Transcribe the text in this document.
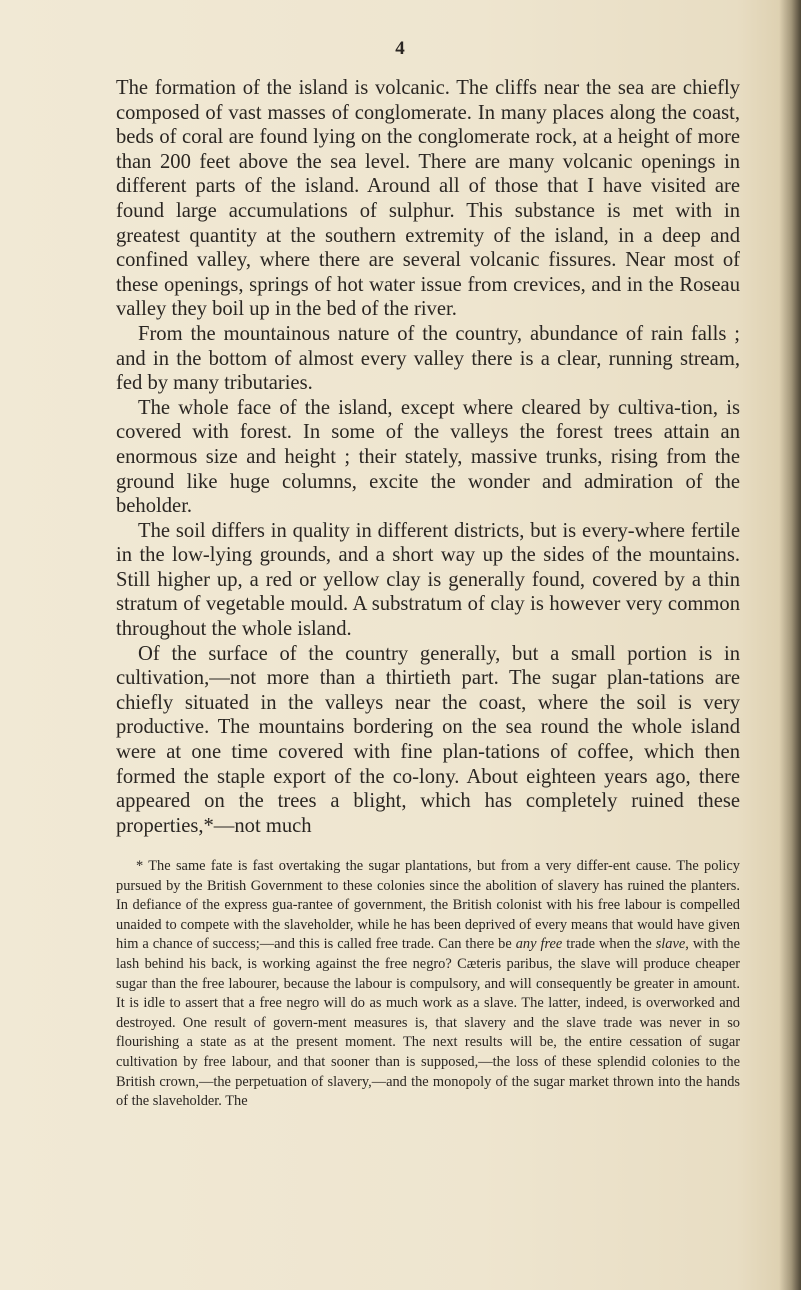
4

The formation of the island is volcanic. The cliffs near the sea are chiefly composed of vast masses of conglomerate. In many places along the coast, beds of coral are found lying on the conglomerate rock, at a height of more than 200 feet above the sea level. There are many volcanic openings in different parts of the island. Around all of those that I have visited are found large accumulations of sulphur. This substance is met with in greatest quantity at the southern extremity of the island, in a deep and confined valley, where there are several volcanic fissures. Near most of these openings, springs of hot water issue from crevices, and in the Roseau valley they boil up in the bed of the river.

From the mountainous nature of the country, abundance of rain falls ; and in the bottom of almost every valley there is a clear, running stream, fed by many tributaries.

The whole face of the island, except where cleared by cultiva-tion, is covered with forest. In some of the valleys the forest trees attain an enormous size and height ; their stately, massive trunks, rising from the ground like huge columns, excite the wonder and admiration of the beholder.

The soil differs in quality in different districts, but is every-where fertile in the low-lying grounds, and a short way up the sides of the mountains. Still higher up, a red or yellow clay is generally found, covered by a thin stratum of vegetable mould. A substratum of clay is however very common throughout the whole island.

Of the surface of the country generally, but a small portion is in cultivation,—not more than a thirtieth part. The sugar plan-tations are chiefly situated in the valleys near the coast, where the soil is very productive. The mountains bordering on the sea round the whole island were at one time covered with fine plan-tations of coffee, which then formed the staple export of the co-lony. About eighteen years ago, there appeared on the trees a blight, which has completely ruined these properties,*—not much

* The same fate is fast overtaking the sugar plantations, but from a very differ-ent cause. The policy pursued by the British Government to these colonies since the abolition of slavery has ruined the planters. In defiance of the express gua-rantee of government, the British colonist with his free labour is compelled unaided to compete with the slaveholder, while he has been deprived of every means that would have given him a chance of success;—and this is called free trade. Can there be any free trade when the slave, with the lash behind his back, is working against the free negro? Cæteris paribus, the slave will produce cheaper sugar than the free labourer, because the labour is compulsory, and will consequently be greater in amount. It is idle to assert that a free negro will do as much work as a slave. The latter, indeed, is overworked and destroyed. One result of govern-ment measures is, that slavery and the slave trade was never in so flourishing a state as at the present moment. The next results will be, the entire cessation of sugar cultivation by free labour, and that sooner than is supposed,—the loss of these splendid colonies to the British crown,—the perpetuation of slavery,—and the monopoly of the sugar market thrown into the hands of the slaveholder. The
